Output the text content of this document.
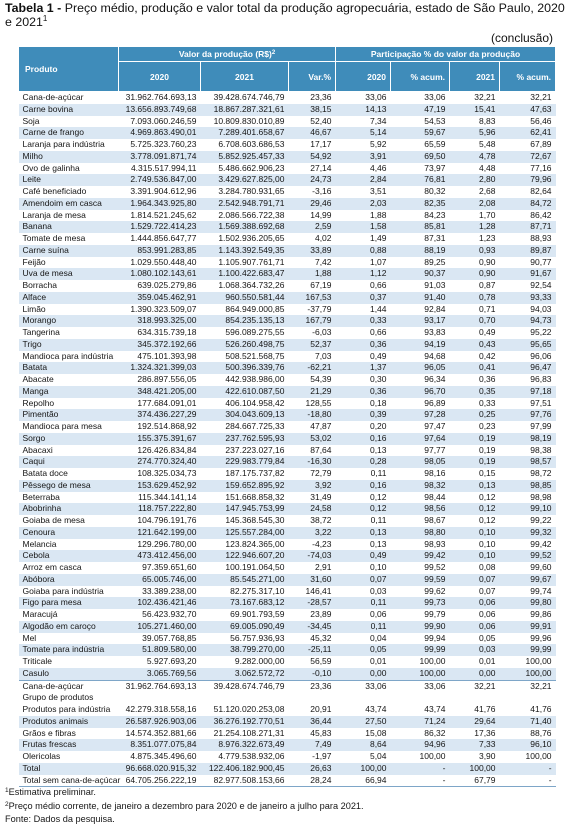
Tabela 1 - Preço médio, produção e valor total da produção agropecuária, estado de São Paulo, 2020 e 2021$^1$
(conclusão)
Produto	Valor da produção (R$)$^2$			Participação % do valor da produção			
	2020	2021	Var.%	2020	% acum.	2021	% acum.
Cana-de-açúcar	31.962.764.693,13	39.428.674.746,79	23,36	33,06	33,06	32,21	32,21
Carne bovina	13.656.893.749,68	18.867.287.321,61	38,15	14,13	47,19	15,41	47,63
Soja	7.093.060.246,59	10.809.830.010,89	52,40	7,34	54,53	8,83	56,46
Carne de frango	4.969.863.490,01	7.289.401.658,67	46,67	5,14	59,67	5,96	62,41
Laranja para indústria	5.725.323.760,23	6.708.603.686,53	17,17	5,92	65,59	5,48	67,89
Milho	3.778.091.871,74	5.852.925.457,33	54,92	3,91	69,50	4,78	72,67
Ovo de galinha	4.315.517.994,11	5.486.662.906,23	27,14	4,46	73,97	4,48	77,16
Leite	2.749.536.847,00	3.429.627.825,00	24,73	2,84	76,81	2,80	79,96
Café beneficiado	3.391.904.612,96	3.284.780.931,65	-3,16	3,51	80,32	2,68	82,64
Amendoim em casca	1.964.343.925,80	2.542.948.791,71	29,46	2,03	82,35	2,08	84,72
Laranja de mesa	1.814.521.245,62	2.086.566.722,38	14,99	1,88	84,23	1,70	86,42
Banana	1.529.722.414,23	1.569.388.692,68	2,59	1,58	85,81	1,28	87,71
Tomate de mesa	1.444.856.647,77	1.502.936.205,65	4,02	1,49	87,31	1,23	88,93
Carne suína	853.991.283,85	1.143.392.549,35	33,89	0,88	88,19	0,93	89,87
Feijão	1.029.550.448,40	1.105.907.761,71	7,42	1,07	89,25	0,90	90,77
Uva de mesa	1.080.102.143,61	1.100.422.683,47	1,88	1,12	90,37	0,90	91,67
Borracha	639.025.279,86	1.068.364.732,26	67,19	0,66	91,03	0,87	92,54
Alface	359.045.462,91	960.550.581,44	167,53	0,37	91,40	0,78	93,33
Limão	1.390.323.509,07	864.949.000,85	-37,79	1,44	92,84	0,71	94,03
Morango	318.993.325,00	854.235.135,13	167,79	0,33	93,17	0,70	94,73
Tangerina	634.315.739,18	596.089.275,55	-6,03	0,66	93,83	0,49	95,22
Trigo	345.372.192,66	526.260.498,75	52,37	0,36	94,19	0,43	95,65
Mandioca para indústria	475.101.393,98	508.521.568,75	7,03	0,49	94,68	0,42	96,06
Batata	1.324.321.399,03	500.396.339,76	-62,21	1,37	96,05	0,41	96,47
Abacate	286.897.556,05	442.938.986,00	54,39	0,30	96,34	0,36	96,83
Manga	348.421.205,00	422.610.087,50	21,29	0,36	96,70	0,35	97,18
Repolho	177.684.091,01	406.104.958,42	128,55	0,18	96,89	0,33	97,51
Pimentão	374.436.227,29	304.043.609,13	-18,80	0,39	97,28	0,25	97,76
Mandioca para mesa	192.514.868,92	284.667.725,33	47,87	0,20	97,47	0,23	97,99
Sorgo	155.375.391,67	237.762.595,93	53,02	0,16	97,64	0,19	98,19
Abacaxi	126.426.834,84	237.223.027,16	87,64	0,13	97,77	0,19	98,38
Caqui	274.770.324,40	229.983.779,84	-16,30	0,28	98,05	0,19	98,57
Batata doce	108.325.034,73	187.175.737,82	72,79	0,11	98,16	0,15	98,72
Pêssego de mesa	153.629.452,92	159.652.895,92	3,92	0,16	98,32	0,13	98,85
Beterraba	115.344.141,14	151.668.858,32	31,49	0,12	98,44	0,12	98,98
Abobrinha	118.757.222,80	147.945.753,99	24,58	0,12	98,56	0,12	99,10
Goiaba de mesa	104.796.191,76	145.368.545,30	38,72	0,11	98,67	0,12	99,22
Cenoura	121.642.199,00	125.557.284,00	3,22	0,13	98,80	0,10	99,32
Melancia	129.296.780,00	123.824.365,00	-4,23	0,13	98,93	0,10	99,42
Cebola	473.412.456,00	122.946.607,20	-74,03	0,49	99,42	0,10	99,52
Arroz em casca	97.359.651,60	100.191.064,50	2,91	0,10	99,52	0,08	99,60
Abóbora	65.005.746,00	85.545.271,00	31,60	0,07	99,59	0,07	99,67
Goiaba para indústria	33.389.238,00	82.275.317,10	146,41	0,03	99,62	0,07	99,74
Figo para mesa	102.436.421,46	73.167.683,12	-28,57	0,11	99,73	0,06	99,80
Maracujá	56.423.932,70	69.901.793,59	23,89	0,06	99,79	0,06	99,86
Algodão em caroço	105.271.460,00	69.005.090,49	-34,45	0,11	99,90	0,06	99,91
Mel	39.057.768,85	56.757.936,93	45,32	0,04	99,94	0,05	99,96
Tomate para indústria	51.809.580,00	38.799.270,00	-25,11	0,05	99,99	0,03	99,99
Triticale	5.927.693,20	9.282.000,00	56,59	0,01	100,00	0,01	100,00
Casulo	3.065.769,56	3.062.572,72	-0,10	0,00	100,00	0,00	100,00
Cana-de-açúcar	31.962.764.693,13	39.428.674.746,79	23,36	33,06	33,06	32,21	32,21
Grupo de produtos							
Produtos para indústria	42.279.318.558,16	51.120.020.253,08	20,91	43,74	43,74	41,76	41,76
Produtos animais	26.587.926.903,06	36.276.192.770,51	36,44	27,50	71,24	29,64	71,40
Grãos e fibras	14.574.352.881,66	21.254.108.271,31	45,83	15,08	86,32	17,36	88,76
Frutas frescas	8.351.077.075,84	8.976.322.673,49	7,49	8,64	94,96	7,33	96,10
Olericolas	4.875.345.496,60	4.779.538.932,06	-1,97	5,04	100,00	3,90	100,00
Total	96.668.020.915,32	122.406.182.900,45	26,63	100,00	-	100,00	-
Total sem cana-de-açúcar	64.705.256.222,19	82.977.508.153,66	28,24	66,94	-	67,79	-
$^1$Estimativa preliminar.
$^2$Preço médio corrente, de janeiro a dezembro para 2020 e de janeiro a julho para 2021.
Fonte: Dados da pesquisa.
